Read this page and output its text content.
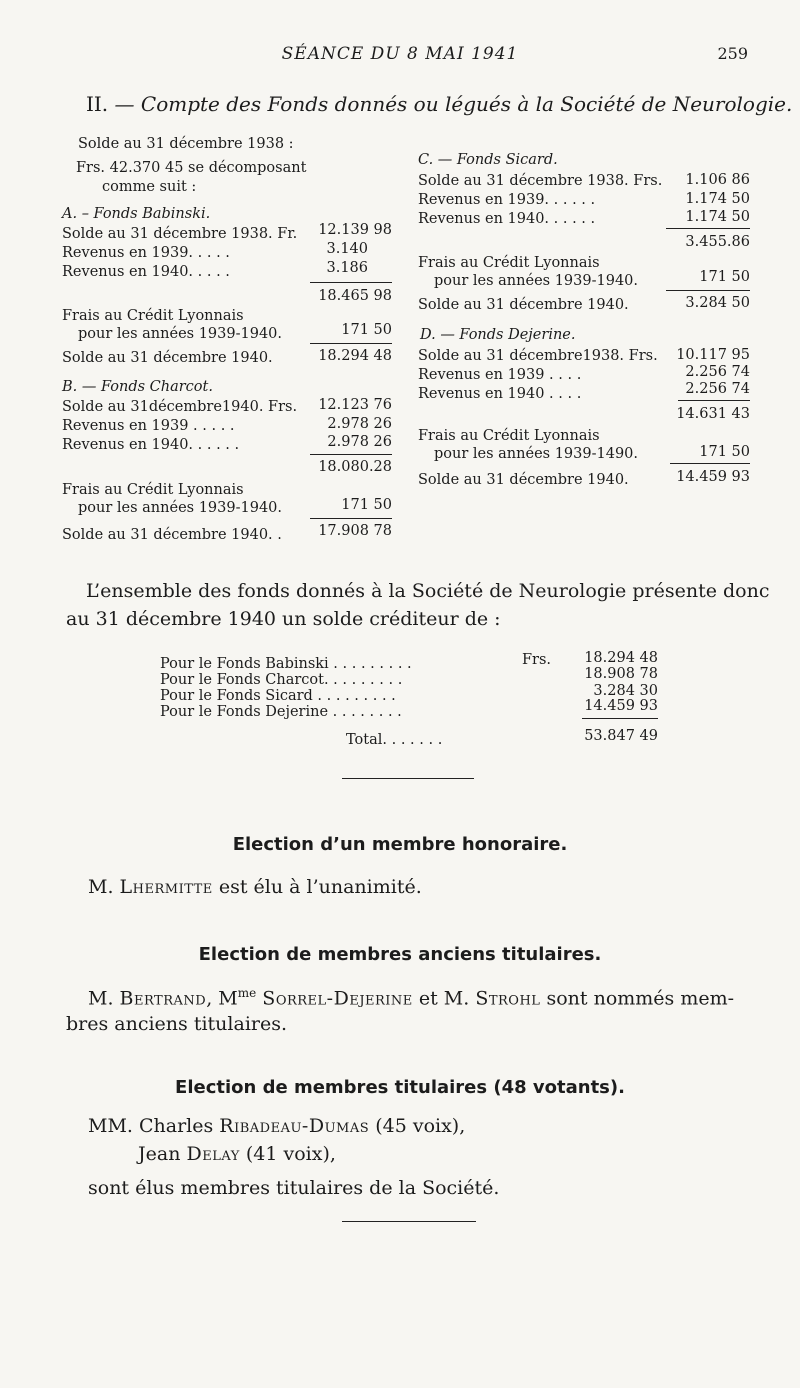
SÉANCE DU 8 MAI 1941	259
II. — Compte des Fonds donnés ou légués à la Société de Neurologie.
Solde au 31 décembre 1938 :
Frs. 42.370 45 se décomposant
comme suit :
A. – Fonds Babinski.
Solde au 31 décembre 1938. Fr.	12.139 98
Revenus en 1939. . . . .	3.140
Revenus en 1940. . . . .	3.186
18.465 98
Frais au Crédit Lyonnais
pour les années 1939-1940.	171 50
Solde au 31 décembre 1940.	18.294 48
B. — Fonds Charcot.
Solde au 31décembre1940. Frs.	12.123 76
Revenus en 1939 . . . . .	2.978 26
Revenus en 1940. . . . . .	2.978 26
18.080.28
Frais au Crédit Lyonnais
pour les années 1939-1940.	171 50
Solde au 31 décembre 1940. .	17.908 78
C. — Fonds Sicard.
Solde au 31 décembre 1938. Frs.	1.106 86
Revenus en 1939. . . . . .	1.174 50
Revenus en 1940. . . . . .	1.174 50
3.455.86
Frais au Crédit Lyonnais
pour les années 1939-1940.	171 50
Solde au 31 décembre 1940.	3.284 50
D. — Fonds Dejerine.
Solde au 31 décembre1938. Frs.	10.117 95
Revenus en 1939 . . . .	2.256 74
Revenus en 1940 . . . .	2.256 74
14.631 43
Frais au Crédit Lyonnais
pour les années 1939-1490.	171 50
Solde au 31 décembre 1940.	14.459 93
L’ensemble des fonds donnés à la Société de Neurologie présente donc
au 31 décembre 1940 un solde créditeur de :
Pour le Fonds Babinski . . . . . . . . .	Frs.	18.294 48
Pour le Fonds Charcot. . . . . . . . .	18.908 78
Pour le Fonds Sicard . . . . . . . . .	3.284 30
Pour le Fonds Dejerine . . . . . . . .	14.459 93
Total. . . . . . .	53.847 49
Election d’un membre honoraire.
M. Lhermitte est élu à l’unanimité.
Election de membres anciens titulaires.
M. Bertrand, $M^{me}$ Sorrel-Dejerine et M. Strohl sont nommés mem-
bres anciens titulaires.
Election de membres titulaires (48 votants).
MM. Charles Ribadeau-Dumas (45 voix),
Jean Delay (41 voix),
sont élus membres titulaires de la Société.
